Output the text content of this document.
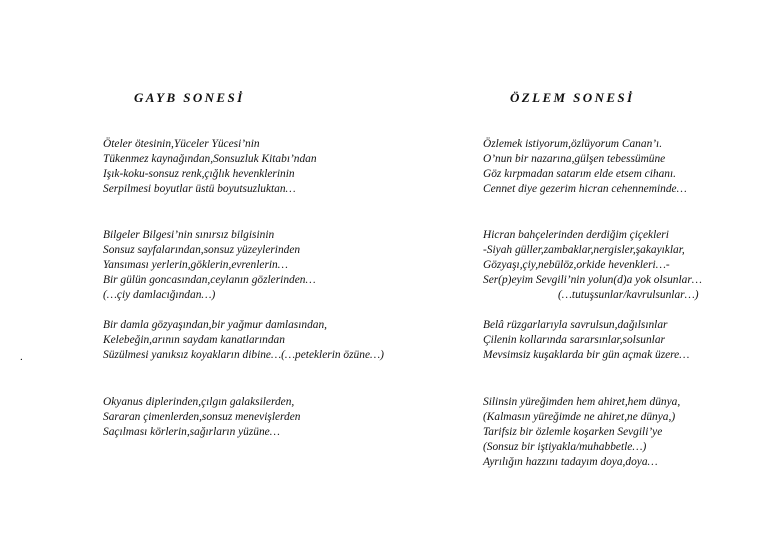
.
GAYB SONESİ
Öteler ötesinin,Yüceler Yücesi’nin
Tükenmez kaynağından,Sonsuzluk Kitabı’ndan
Işık-koku-sonsuz renk,çığlık hevenklerinin
Serpilmesi boyutlar üstü boyutsuzluktan…
Bilgeler Bilgesi’nin sınırsız bilgisinin
Sonsuz sayfalarından,sonsuz yüzeylerinden
Yansıması yerlerin,göklerin,evrenlerin…
Bir gülün goncasından,ceylanın gözlerinden…
(…çiy damlacığından…)
Bir damla gözyaşından,bir yağmur damlasından,
Kelebeğin,arının saydam kanatlarından
Süzülmesi yanıksız koyakların dibine…(…peteklerin özüne…)
Okyanus diplerinden,çılgın galaksilerden,
Sararan çimenlerden,sonsuz menevişlerden
Saçılması körlerin,sağırların yüzüne…
ÖZLEM SONESİ
Özlemek istiyorum,özlüyorum Canan’ı.
O’nun bir nazarına,gülşen tebessümüne
Göz kırpmadan satarım elde etsem cihanı.
Cennet diye gezerim hicran cehenneminde…
Hicran bahçelerinden derdiğim çiçekleri
-Siyah güller,zambaklar,nergisler,şakayıklar,
Gözyaşı,çiy,nebülöz,orkide hevenkleri…-
Ser(p)eyim Sevgili’nin yolun(d)a yok olsunlar…
(…tutuşsunlar/kavrulsunlar…)
Belâ rüzgarlarıyla savrulsun,dağılsınlar
Çilenin kollarında sararsınlar,solsunlar
Mevsimsiz kuşaklarda bir gün açmak üzere…
Silinsin yüreğimden hem ahiret,hem dünya,
(Kalmasın yüreğimde ne ahiret,ne dünya,)
Tarifsiz bir özlemle koşarken Sevgili’ye
(Sonsuz bir iştiyakla/muhabbetle…)
Ayrılığın hazzını tadayım doya,doya…
